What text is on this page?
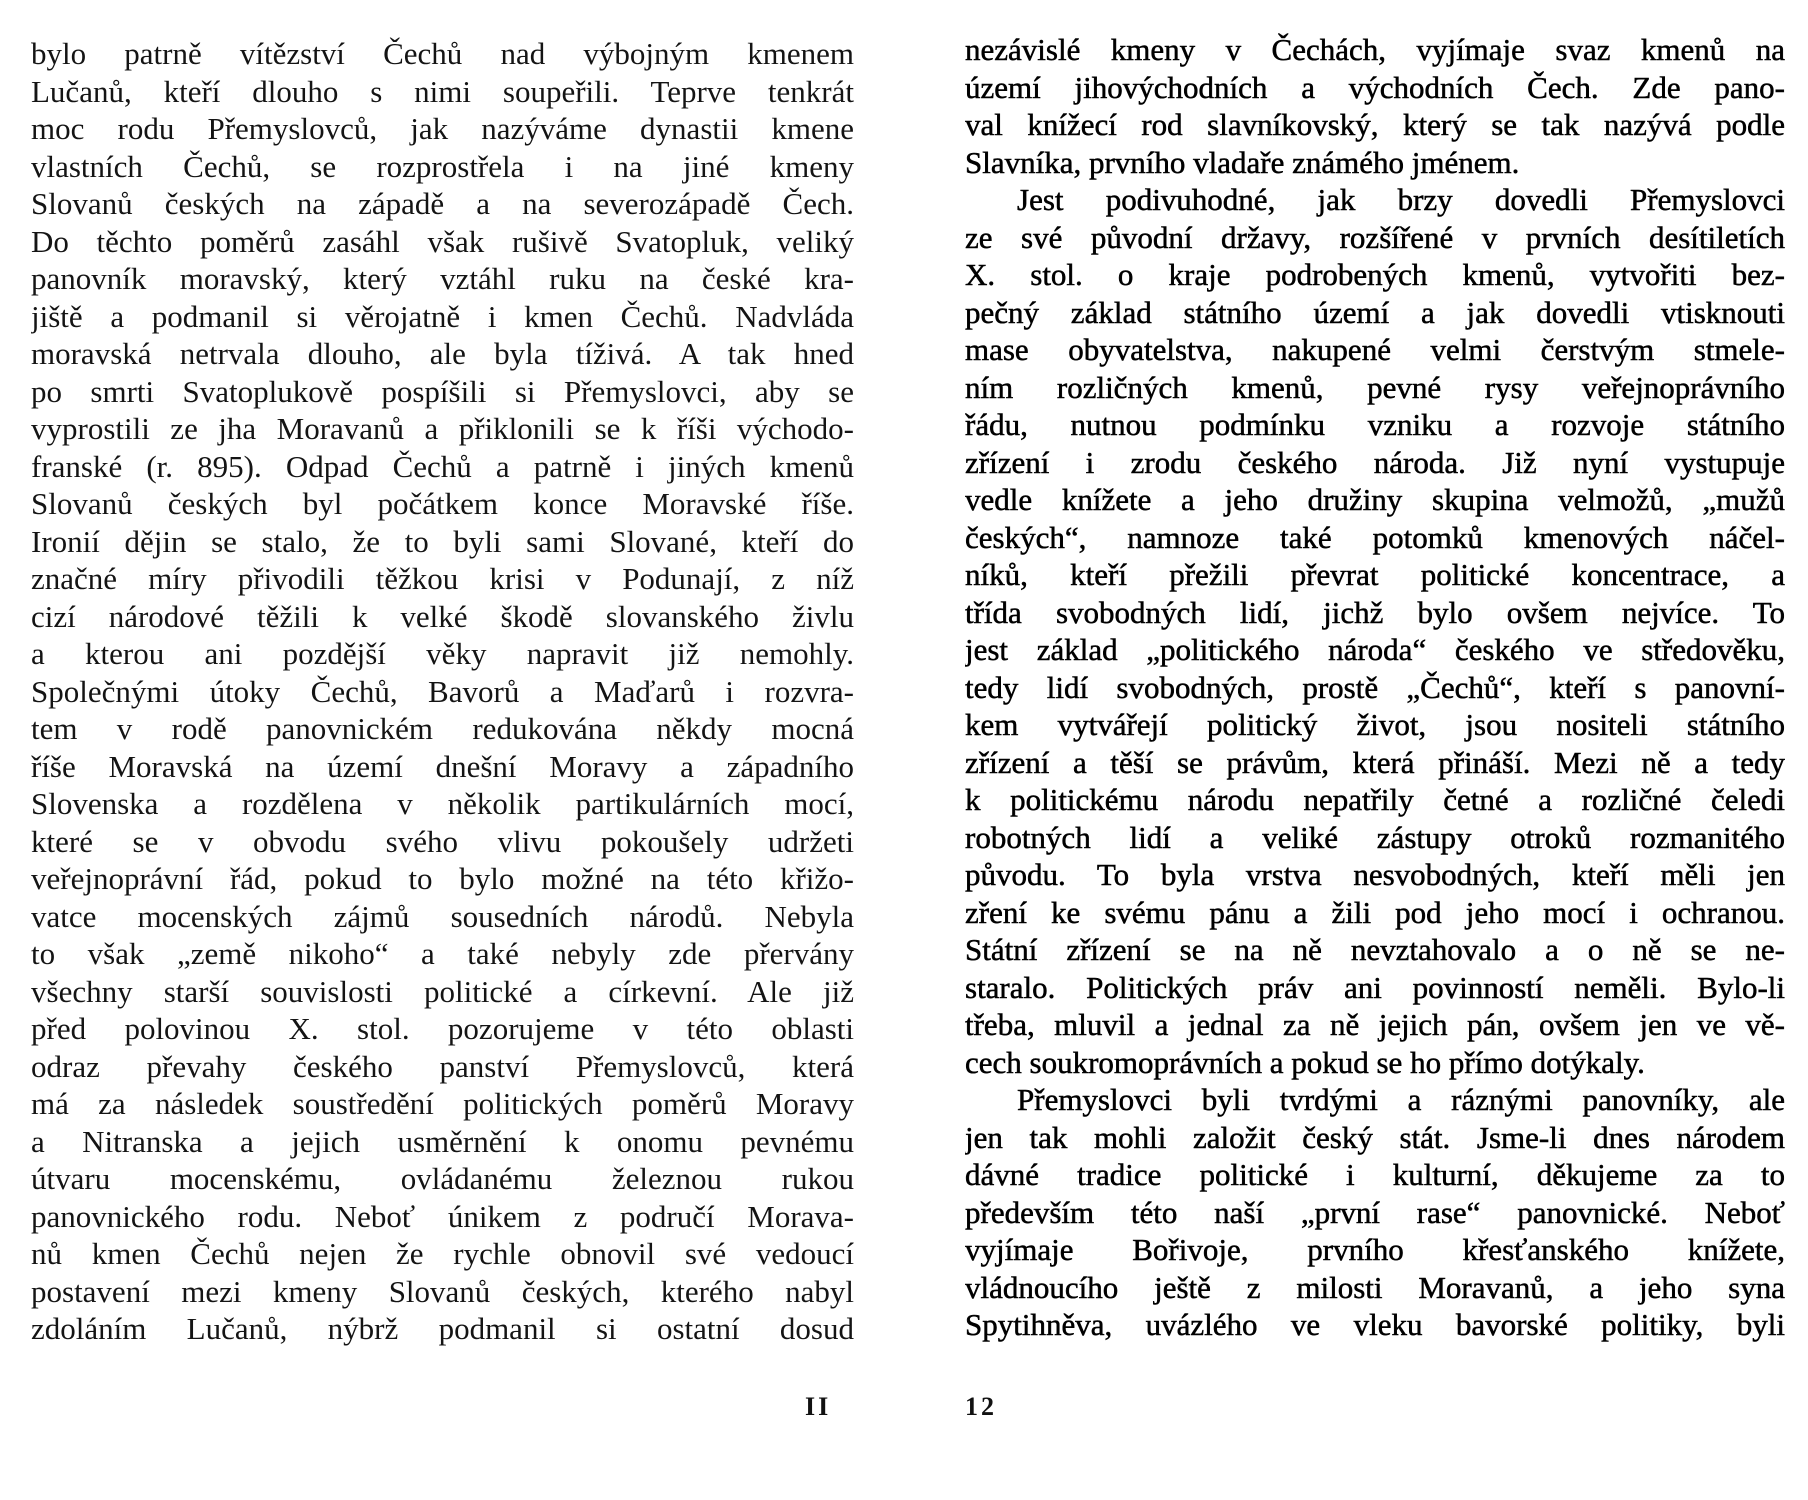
bylo patrně vítězství Čechů nad výbojným kmenem
Lučanů, kteří dlouho s nimi soupeřili. Teprve tenkrát
moc rodu Přemyslovců, jak nazýváme dynastii kmene
vlastních Čechů, se rozprostřela i na jiné kmeny
Slovanů českých na západě a na severozápadě Čech.
Do těchto poměrů zasáhl však rušivě Svatopluk, veliký
panovník moravský, který vztáhl ruku na české kra-
jiště a podmanil si věrojatně i kmen Čechů. Nadvláda
moravská netrvala dlouho, ale byla tíživá. A tak hned
po smrti Svatoplukově pospíšili si Přemyslovci, aby se
vyprostili ze jha Moravanů a přiklonili se k říši východo-
franské (r. 895). Odpad Čechů a patrně i jiných kmenů
Slovanů českých byl počátkem konce Moravské říše.
Ironií dějin se stalo, že to byli sami Slované, kteří do
značné míry přivodili těžkou krisi v Podunají, z níž
cizí národové těžili k velké škodě slovanského živlu
a kterou ani pozdější věky napravit již nemohly.
Společnými útoky Čechů, Bavorů a Maďarů i rozvra-
tem v rodě panovnickém redukována někdy mocná
říše Moravská na území dnešní Moravy a západního
Slovenska a rozdělena v několik partikulárních mocí,
které se v obvodu svého vlivu pokoušely udržeti
veřejnoprávní řád, pokud to bylo možné na této křižo-
vatce mocenských zájmů sousedních národů. Nebyla
to však „země nikoho“ a také nebyly zde přervány
všechny starší souvislosti politické a církevní. Ale již
před polovinou X. stol. pozorujeme v této oblasti
odraz převahy českého panství Přemyslovců, která
má za následek soustředění politických poměrů Moravy
a Nitranska a jejich usměrnění k onomu pevnému
útvaru mocenskému, ovládanému železnou rukou
panovnického rodu. Neboť únikem z područí Morava-
nů kmen Čechů nejen že rychle obnovil své vedoucí
postavení mezi kmeny Slovanů českých, kterého nabyl
zdoláním Lučanů, nýbrž podmanil si ostatní dosud
II
nezávislé kmeny v Čechách, vyjímaje svaz kmenů na
území jihovýchodních a východních Čech. Zde pano-
val knížecí rod slavníkovský, který se tak nazývá podle
Slavníka, prvního vladaře známého jménem.
Jest podivuhodné, jak brzy dovedli Přemyslovci
ze své původní državy, rozšířené v prvních desítiletích
X. stol. o kraje podrobených kmenů, vytvořiti bez-
pečný základ státního území a jak dovedli vtisknouti
mase obyvatelstva, nakupené velmi čerstvým stmele-
ním rozličných kmenů, pevné rysy veřejnoprávního
řádu, nutnou podmínku vzniku a rozvoje státního
zřízení i zrodu českého národa. Již nyní vystupuje
vedle knížete a jeho družiny skupina velmožů, „mužů
českých“, namnoze také potomků kmenových náčel-
níků, kteří přežili převrat politické koncentrace, a
třída svobodných lidí, jichž bylo ovšem nejvíce. To
jest základ „politického národa“ českého ve středověku,
tedy lidí svobodných, prostě „Čechů“, kteří s panovní-
kem vytvářejí politický život, jsou nositeli státního
zřízení a těší se právům, která přináší. Mezi ně a tedy
k politickému národu nepatřily četné a rozličné čeledi
robotných lidí a veliké zástupy otroků rozmanitého
původu. To byla vrstva nesvobodných, kteří měli jen
zření ke svému pánu a žili pod jeho mocí i ochranou.
Státní zřízení se na ně nevztahovalo a o ně se ne-
staralo. Politických práv ani povinností neměli. Bylo-li
třeba, mluvil a jednal za ně jejich pán, ovšem jen ve vě-
cech soukromoprávních a pokud se ho přímo dotýkaly.
Přemyslovci byli tvrdými a ráznými panovníky, ale
jen tak mohli založit český stát. Jsme-li dnes národem
dávné tradice politické i kulturní, děkujeme za to
především této naší „první rase“ panovnické. Neboť
vyjímaje Bořivoje, prvního křesťanského knížete,
vládnoucího ještě z milosti Moravanů, a jeho syna
Spytihněva, uvázlého ve vleku bavorské politiky, byli
12
